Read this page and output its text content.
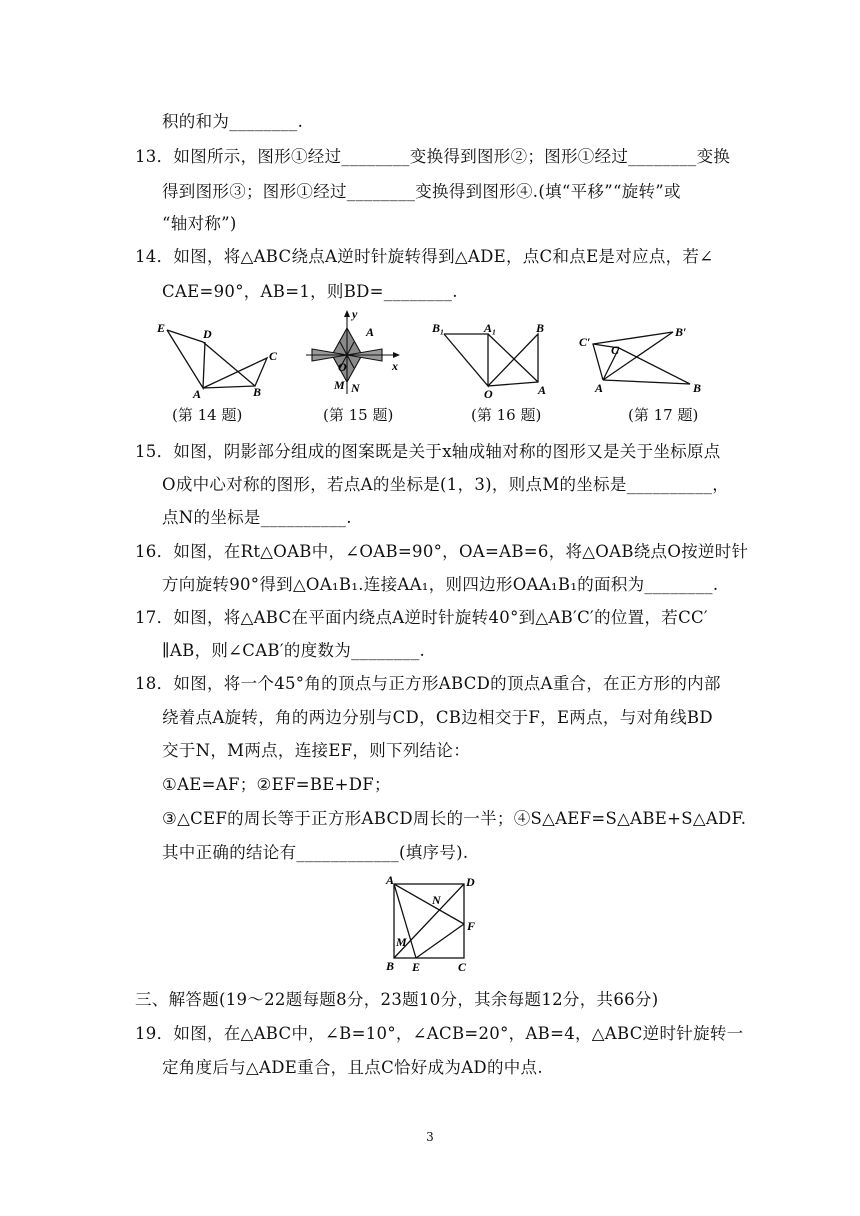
积的和为________.
13．如图所示，图形①经过________变换得到图形②；图形①经过________变换
得到图形③；图形①经过________变换得到图形④.(填“平移”“旋转”或
“轴对称”)
14．如图，将△ABC绕点A逆时针旋转得到△ADE，点C和点E是对应点，若∠
CAE=90°，AB=1，则BD=________.
E	D
C
A	B
y
A
O	x
M N
B₁	A₁	B
O	A
C′
C
B′
A	B
(第 14 题)	(第 15 题)	(第 16 题)	(第 17 题)
15．如图，阴影部分组成的图案既是关于x轴成轴对称的图形又是关于坐标原点
O成中心对称的图形，若点A的坐标是(1，3)，则点M的坐标是__________，
点N的坐标是__________.
16．如图，在Rt△OAB中，∠OAB=90°，OA=AB=6，将△OAB绕点O按逆时针
方向旋转90°得到△OA₁B₁.连接AA₁，则四边形OAA₁B₁的面积为________.
17．如图，将△ABC在平面内绕点A逆时针旋转40°到△AB′C′的位置，若CC′
∥AB，则∠CAB′的度数为________.
18．如图，将一个45°角的顶点与正方形ABCD的顶点A重合，在正方形的内部
绕着点A旋转，角的两边分别与CD，CB边相交于F，E两点，与对角线BD
交于N，M两点，连接EF，则下列结论：
①AE=AF；②EF=BE+DF；
③△CEF的周长等于正方形ABCD周长的一半；④S△AEF=S△ABE+S△ADF.
其中正确的结论有____________(填序号).
A	D
N
F
M
B E	C
三、解答题(19～22题每题8分，23题10分，其余每题12分，共66分)
19．如图，在△ABC中，∠B=10°，∠ACB=20°，AB=4，△ABC逆时针旋转一
定角度后与△ADE重合，且点C恰好成为AD的中点.
3
